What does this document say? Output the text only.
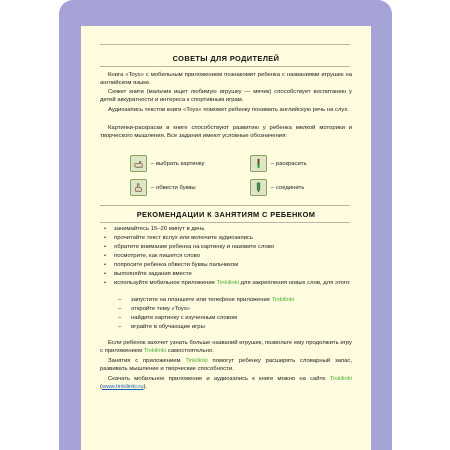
СОВЕТЫ ДЛЯ РОДИТЕЛЕЙ
Книга «Toys» с мобильным приложением познакомит ребенка с названиями игрушек на английском языке.
Сюжет книги (мальчик ищет любимую игрушку — мячик) способствует воспитанию у детей аккуратности и интереса к спортивным играм.
Аудиозапись текстов книги «Toys» поможет ребенку понимать английскую речь на слух.
Картинки-раскраски в книге способствуют развитию у ребенка мелкой моторики и творческого мышления. Все задания имеют условные обозначения:
– выбрать картинку	– раскрасить
– обвести буквы	– соединить
РЕКОМЕНДАЦИИ К ЗАНЯТИЯМ С РЕБЕНКОМ
• занимайтесь 15–20 минут в день
• прочитайте текст вслух или включите аудиозапись
• обратите внимание ребенка на картинку и назовите слово
• посмотрите, как пишется слово
• попросите ребенка обвести буквы пальчиком
• выполняйте задания вместе
• используйте мобильное приложение Tinkilinki для закрепления новых слов, для этого:
– запустите на планшете или телефоне приложение Tinkilinki
– откройте тему «Toys»
– найдите картинку с изученным словом
– играйте в обучающие игры
Если ребенок захочет узнать больше названий игрушек, позвольте ему продолжить игру с приложением Tinkilinki самостоятельно.
Занятия с приложением Tinkilinki помогут ребенку расширять словарный запас, развивать мышление и творческие способности.
Скачать мобильное приложение и аудиозапись к книге можно на сайте Tinkilinki (www.tinkilinki.ru).
